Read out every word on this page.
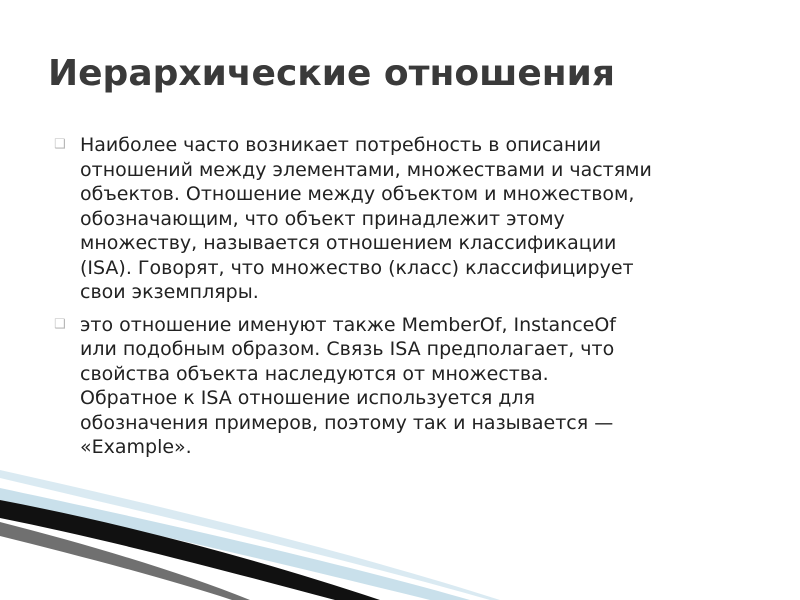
Иерархические отношения
❑ Наиболее часто возникает потребность в описании
отношений между элементами, множествами и частями
объектов. Отношение между объектом и множеством,
обозначающим, что объект принадлежит этому
множеству, называется отношением классификации
(ISA). Говорят, что множество (класс) классифицирует
свои экземпляры.
❑ это отношение именуют также MemberOf, InstanceOf
или подобным образом. Связь ISA предполагает, что
свойства объекта наследуются от множества.
Обратное к ISA отношение используется для
обозначения примеров, поэтому так и называется —
«Example».
